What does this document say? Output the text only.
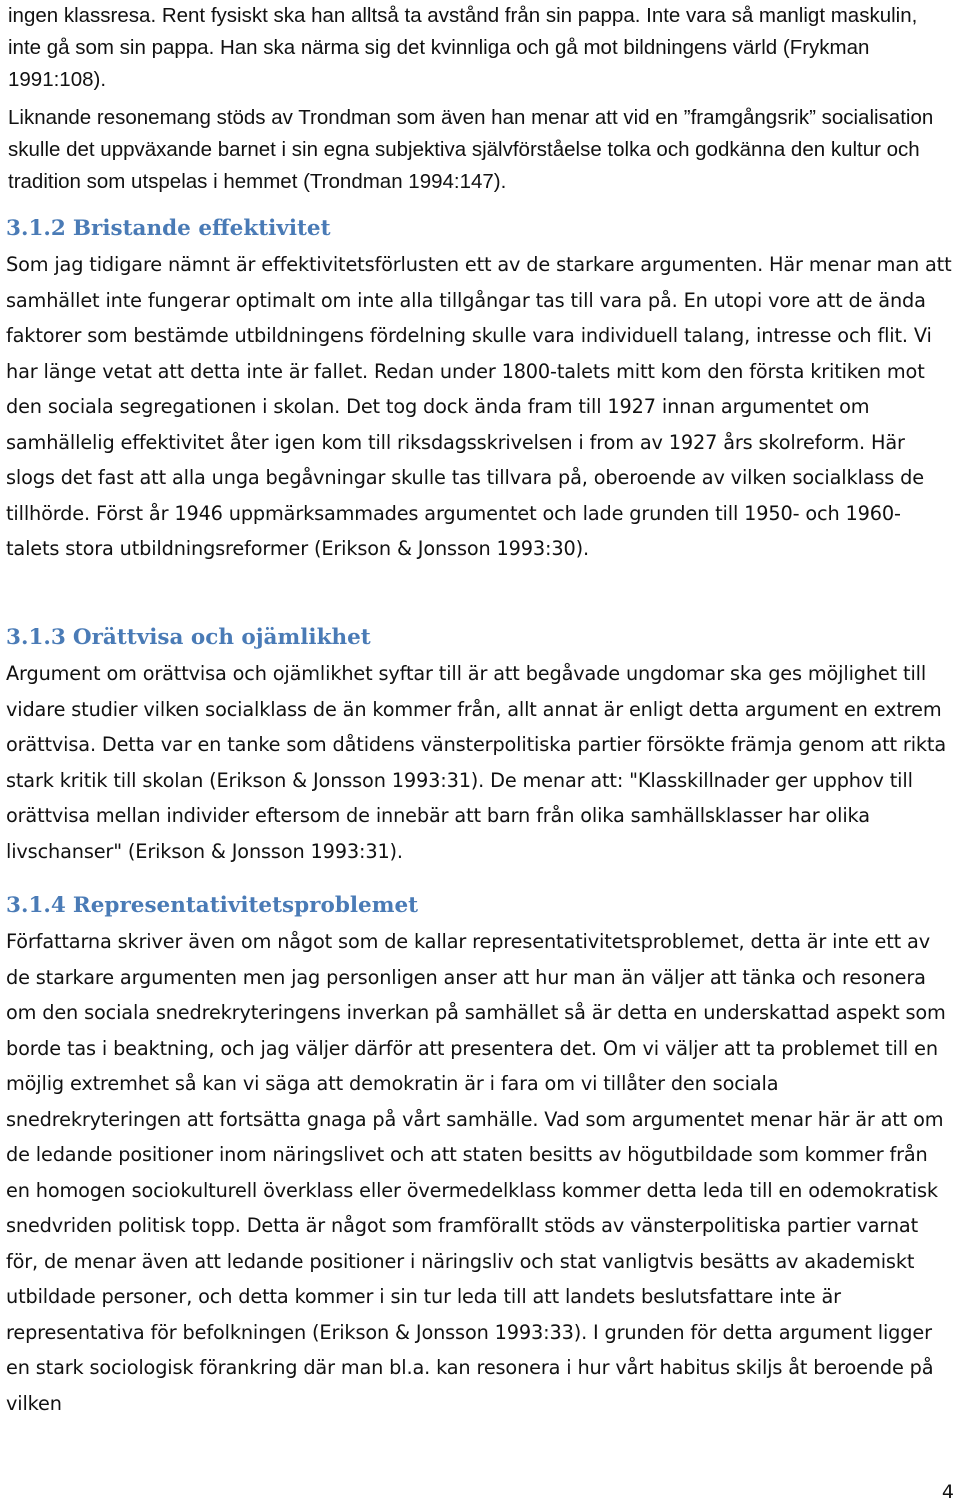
ingen klassresa. Rent fysiskt ska han alltså ta avstånd från sin pappa. Inte vara så manligt maskulin, inte gå som sin pappa. Han ska närma sig det kvinnliga och gå mot bildningens värld (Frykman 1991:108).

Liknande resonemang stöds av Trondman som även han menar att vid en ”framgångsrik” socialisation skulle det uppväxande barnet i sin egna subjektiva självförståelse tolka och godkänna den kultur och tradition som utspelas i hemmet (Trondman 1994:147).

3.1.2 Bristande effektivitet

Som jag tidigare nämnt är effektivitetsförlusten ett av de starkare argumenten. Här menar man att samhället inte fungerar optimalt om inte alla tillgångar tas till vara på. En utopi vore att de ända faktorer som bestämde utbildningens fördelning skulle vara individuell talang, intresse och flit. Vi har länge vetat att detta inte är fallet. Redan under 1800-talets mitt kom den första kritiken mot den sociala segregationen i skolan. Det tog dock ända fram till 1927 innan argumentet om samhällelig effektivitet åter igen kom till riksdagsskrivelsen i from av 1927 års skolreform. Här slogs det fast att alla unga begåvningar skulle tas tillvara på, oberoende av vilken socialklass de tillhörde. Först år 1946 uppmärksammades argumentet och lade grunden till 1950- och 1960-talets stora utbildningsreformer (Erikson & Jonsson 1993:30).

3.1.3 Orättvisa och ojämlikhet

Argument om orättvisa och ojämlikhet syftar till är att begåvade ungdomar ska ges möjlighet till vidare studier vilken socialklass de än kommer från, allt annat är enligt detta argument en extrem orättvisa. Detta var en tanke som dåtidens vänsterpolitiska partier försökte främja genom att rikta stark kritik till skolan (Erikson & Jonsson 1993:31). De menar att: "Klasskillnader ger upphov till orättvisa mellan individer eftersom de innebär att barn från olika samhällsklasser har olika livschanser" (Erikson & Jonsson 1993:31).

3.1.4 Representativitetsproblemet

Författarna skriver även om något som de kallar representativitetsproblemet, detta är inte ett av de starkare argumenten men jag personligen anser att hur man än väljer att tänka och resonera om den sociala snedrekryteringens inverkan på samhället så är detta en underskattad aspekt som borde tas i beaktning, och jag väljer därför att presentera det. Om vi väljer att ta problemet till en möjlig extremhet så kan vi säga att demokratin är i fara om vi tillåter den sociala snedrekryteringen att fortsätta gnaga på vårt samhälle. Vad som argumentet menar här är att om de ledande positioner inom näringslivet och att staten besitts av högutbildade som kommer från en homogen sociokulturell överklass eller övermedelklass kommer detta leda till en odemokratisk snedvriden politisk topp. Detta är något som framförallt stöds av vänsterpolitiska partier varnat för, de menar även att ledande positioner i näringsliv och stat vanligtvis besätts av akademiskt utbildade personer, och detta kommer i sin tur leda till att landets beslutsfattare inte är representativa för befolkningen (Erikson & Jonsson 1993:33). I grunden för detta argument ligger en stark sociologisk förankring där man bl.a. kan resonera i hur vårt habitus skiljs åt beroende på vilken

4
